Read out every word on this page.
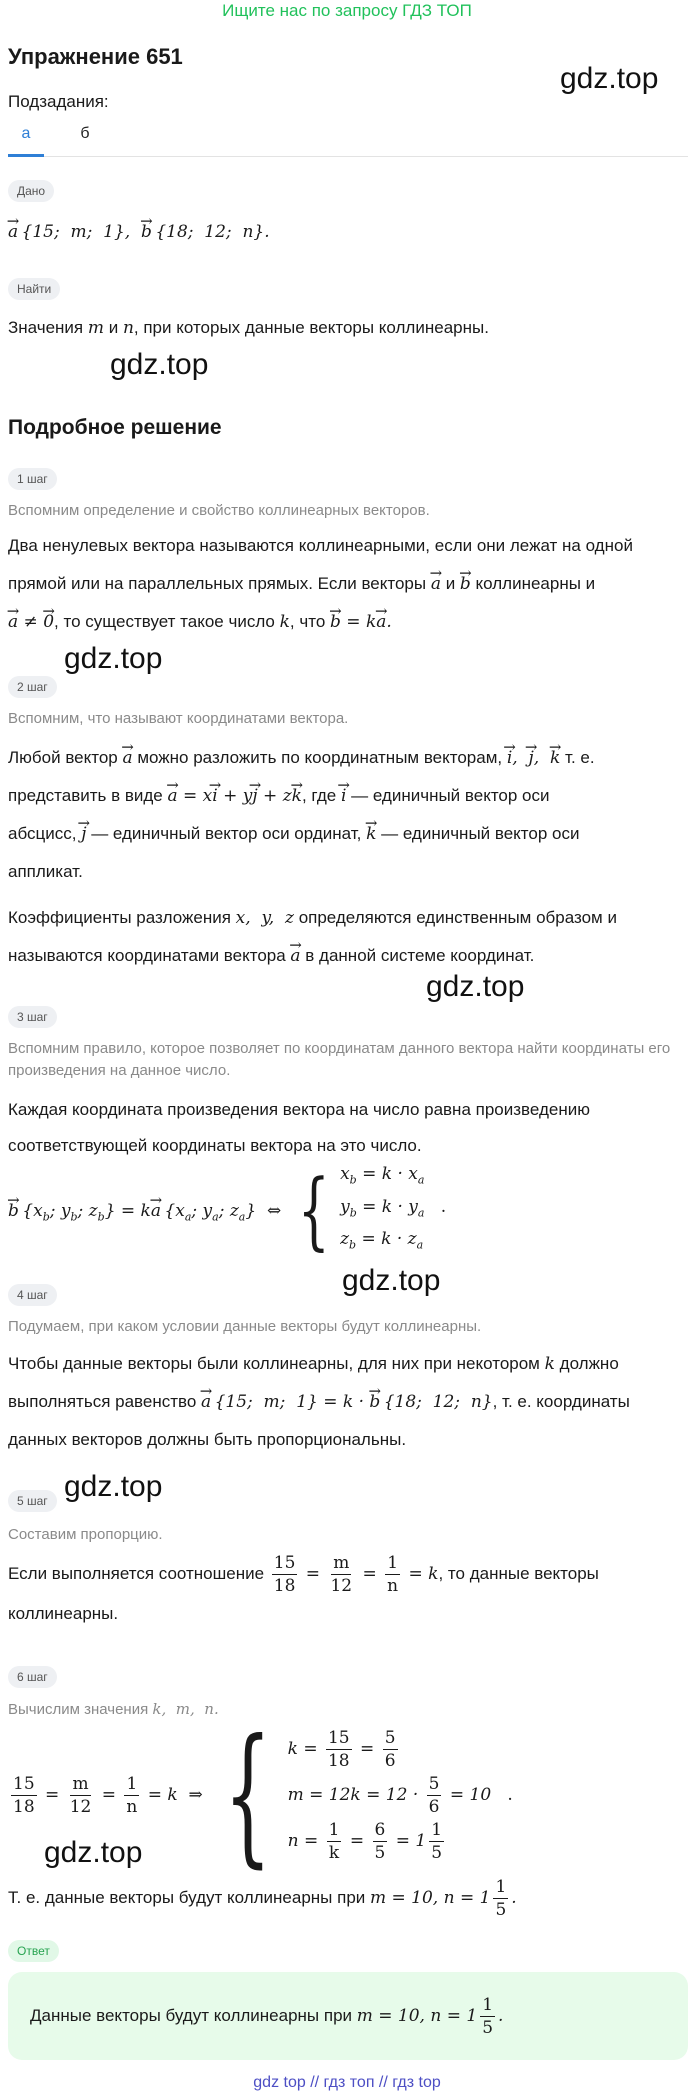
Ищите нас по запросу ГДЗ ТОП
gdz.top
gdz.top
gdz.top
gdz.top
gdz.top
gdz.top
gdz.top
Упражнение 651
Подзадания:
а	б
Дано
→ a {15;  m;  1},  → b {18;  12;  n}.
Найти
Значения m и n, при которых данные векторы коллинеарны.
Подробное решение
1 шаг
Вспомним определение и свойство коллинеарных векторов.
Два ненулевых вектора называются коллинеарными, если они лежат на одной
прямой или на параллельных прямых. Если векторы → a и → b коллинеарны и
→ a ≠ → 0, то существует такое число k, что → b = k→ a.
2 шаг
Вспомним, что называют координатами вектора.
Любой вектор → a можно разложить по координатным векторам, → i,  → j,  → k т. е.
представить в виде → a = x→ i + y→ j + z→ k, где → i — единичный вектор оси
абсцисс, → j — единичный вектор оси ординат, → k — единичный вектор оси
аппликат.
Коэффициенты разложения x,  y,  z определяются единственным образом и
называются координатами вектора → a в данной системе координат.
3 шаг
Вспомним правило, которое позволяет по координатам данного вектора найти координаты его произведения на данное число.
Каждая координата произведения вектора на число равна произведению
соответствующей координаты вектора на это число.
→ b {$x_b$; $y_b$; $z_b\} = k\to a$ {$x_a$; $y_a$; $z_a$}  ⇔ { $x_b = k \cdot x_a$
$y_b = k \cdot y_a$ .
$z_b = k \cdot z_a$
4 шаг
Подумаем, при каком условии данные векторы будут коллинеарны.
Чтобы данные векторы были коллинеарны, для них при некотором k должно
выполняться равенство → a {15;  m;  1} = k · → b {18;  12;  n}, т. е. координаты
данных векторов должны быть пропорциональны.
5 шаг
Составим пропорцию.
Если выполняется соотношение $\frac{15}{18} = \frac{m}{12} = \frac{1}{n} = k$, то данные векторы
коллинеарны.
6 шаг
Вычислим значения k,  m,  n.
$\frac{15}{18} = \frac{m}{12} = \frac{1}{n} = k$  ⇒ { $k = \frac{15}{18} = \frac{5}{6}$
$m = 12k = 12 \cdot \frac{5}{6} = 10$   .
$n = \frac{1}{k} = \frac{6}{5} = 1 \frac{1}{5}$
Т. е. данные векторы будут коллинеарны при m = 10, $n = 1 \frac{1}{5}$ .
Ответ
Данные векторы будут коллинеарны при m = 10, $n = 1 \frac{1}{5}$ .
gdz top // гдз топ // гдз top
